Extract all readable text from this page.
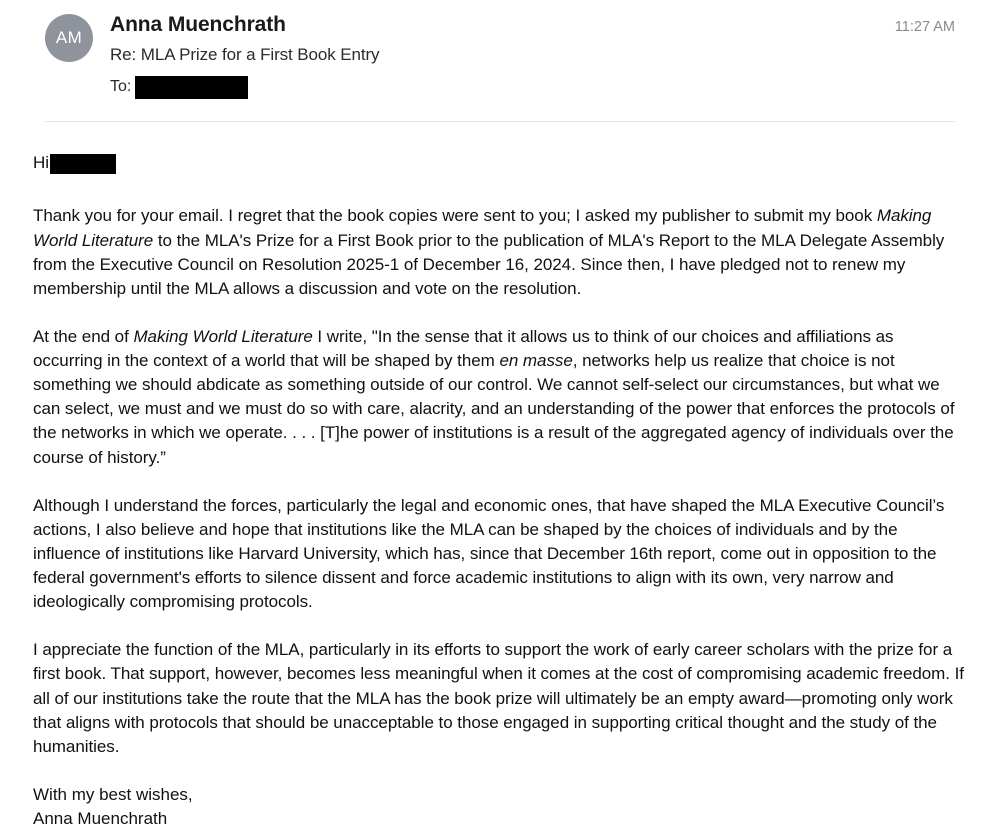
AM
Anna Muenchrath	11:27 AM
Re: MLA Prize for a First Book Entry
To:
Hi

Thank you for your email. I regret that the book copies were sent to you; I asked my publisher to submit my book Making World Literature to the MLA's Prize for a First Book prior to the publication of MLA's Report to the MLA Delegate Assembly from the Executive Council on Resolution 2025-1 of December 16, 2024. Since then, I have pledged not to renew my membership until the MLA allows a discussion and vote on the resolution.

At the end of Making World Literature I write, "In the sense that it allows us to think of our choices and affiliations as occurring in the context of a world that will be shaped by them en masse, networks help us realize that choice is not something we should abdicate as something outside of our control. We cannot self-select our circumstances, but what we can select, we must and we must do so with care, alacrity, and an understanding of the power that enforces the protocols of the networks in which we operate. . . . [T]he power of institutions is a result of the aggregated agency of individuals over the course of history.”

Although I understand the forces, particularly the legal and economic ones, that have shaped the MLA Executive Council’s actions, I also believe and hope that institutions like the MLA can be shaped by the choices of individuals and by the influence of institutions like Harvard University, which has, since that December 16th report, come out in opposition to the federal government's efforts to silence dissent and force academic institutions to align with its own, very narrow and ideologically compromising protocols.

I appreciate the function of the MLA, particularly in its efforts to support the work of early career scholars with the prize for a first book. That support, however, becomes less meaningful when it comes at the cost of compromising academic freedom. If all of our institutions take the route that the MLA has the book prize will ultimately be an empty award—promoting only work that aligns with protocols that should be unacceptable to those engaged in supporting critical thought and the study of the humanities.

With my best wishes,
Anna Muenchrath
